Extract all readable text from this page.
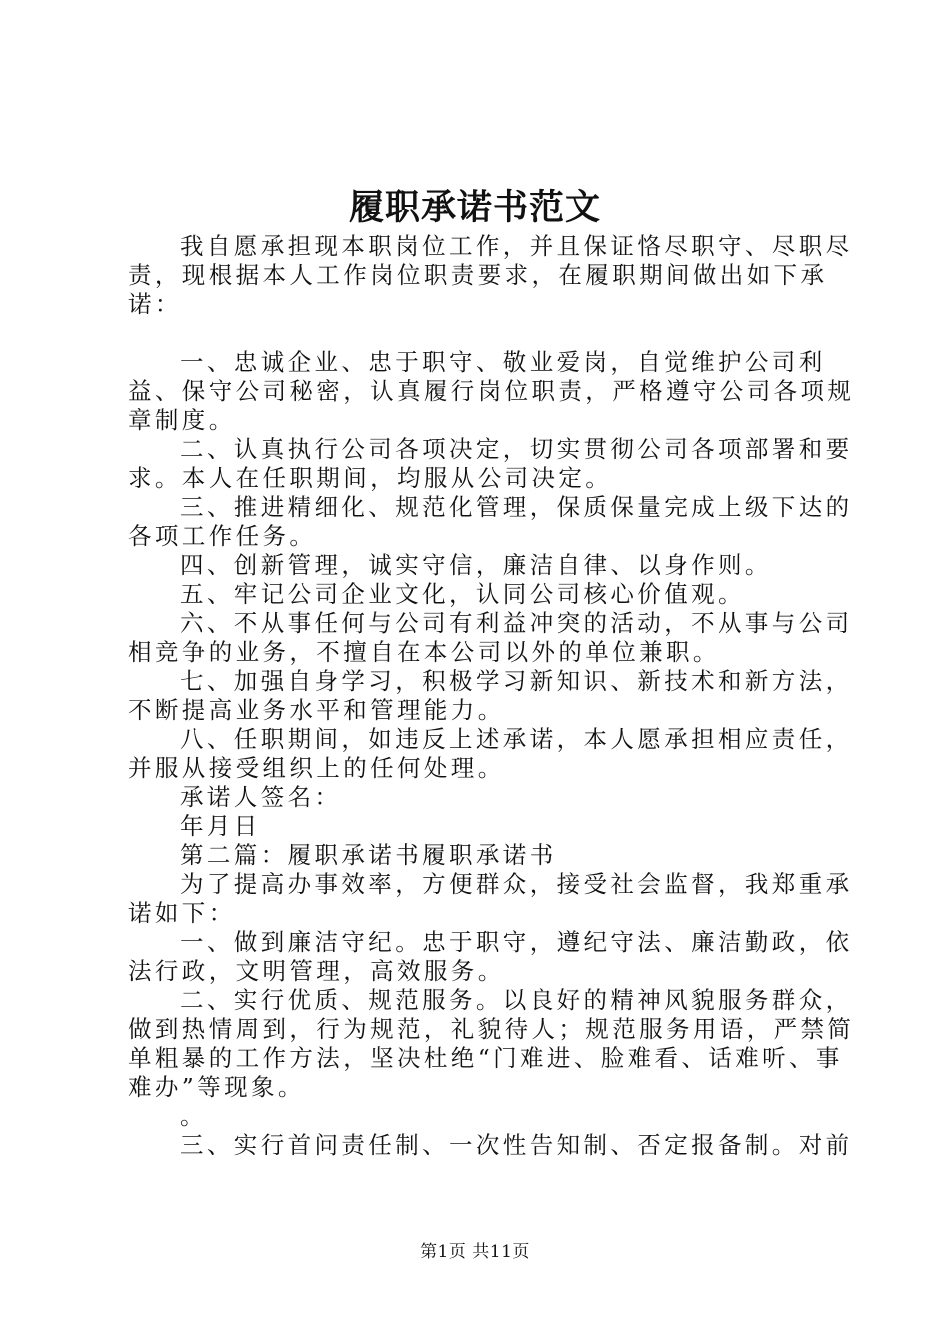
履职承诺书范文

我自愿承担现本职岗位工作，并且保证恪尽职守、尽职尽责，现根据本人工作岗位职责要求，在履职期间做出如下承诺：

一、忠诚企业、忠于职守、敬业爱岗，自觉维护公司利益、保守公司秘密，认真履行岗位职责，严格遵守公司各项规章制度。

二、认真执行公司各项决定，切实贯彻公司各项部署和要求。本人在任职期间，均服从公司决定。

三、推进精细化、规范化管理，保质保量完成上级下达的各项工作任务。

四、创新管理，诚实守信，廉洁自律、以身作则。

五、牢记公司企业文化，认同公司核心价值观。

六、不从事任何与公司有利益冲突的活动，不从事与公司相竞争的业务，不擅自在本公司以外的单位兼职。

七、加强自身学习，积极学习新知识、新技术和新方法，不断提高业务水平和管理能力。

八、任职期间，如违反上述承诺，本人愿承担相应责任，并服从接受组织上的任何处理。

承诺人签名：

年月日

第二篇：履职承诺书履职承诺书

为了提高办事效率，方便群众，接受社会监督，我郑重承诺如下：

一、做到廉洁守纪。忠于职守，遵纪守法、廉洁勤政，依法行政，文明管理，高效服务。

二、实行优质、规范服务。以良好的精神风貌服务群众，做到热情周到，行为规范，礼貌待人；规范服务用语，严禁简单粗暴的工作方法，坚决杜绝“门难进、脸难看、话难听、事难办”等现象。

。

三、实行首问责任制、一次性告知制、否定报备制。对前

第1页 共11页
